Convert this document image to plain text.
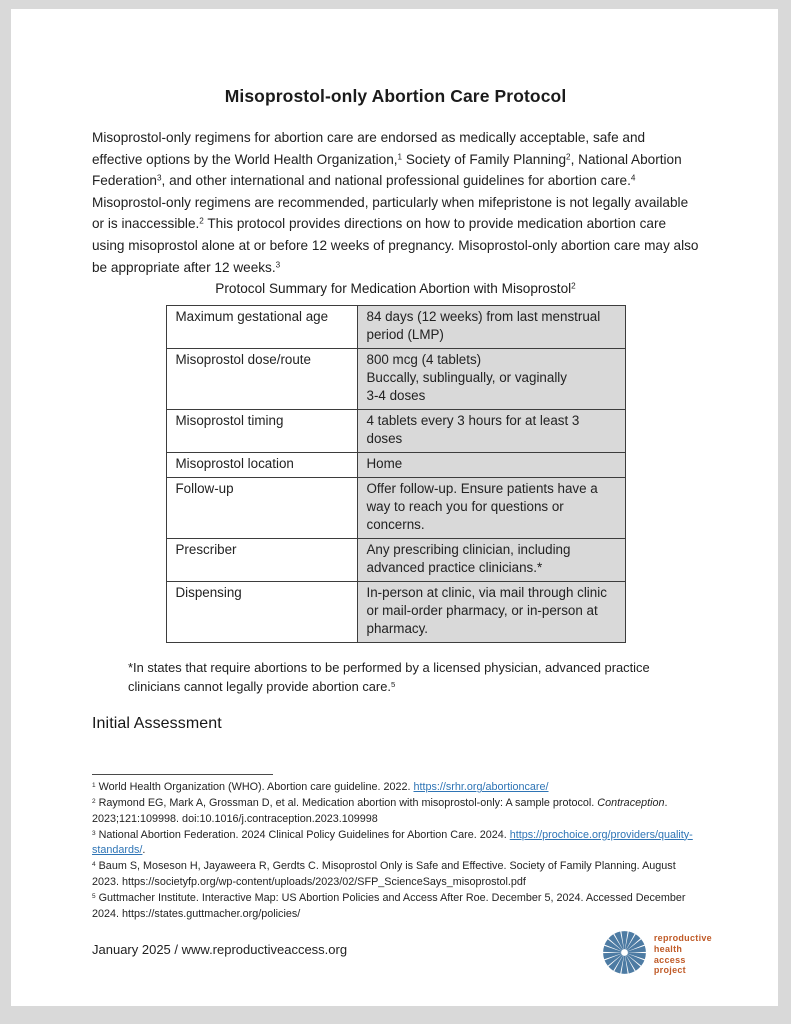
Misoprostol-only Abortion Care Protocol

Misoprostol-only regimens for abortion care are endorsed as medically acceptable, safe and effective options by the World Health Organization,$^1$ Society of Family Planning$^2$, National Abortion Federation$^3$, and other international and national professional guidelines for abortion care.$^4$ Misoprostol-only regimens are recommended, particularly when mifepristone is not legally available or is inaccessible.$^2$ This protocol provides directions on how to provide medication abortion care using misoprostol alone at or before 12 weeks of pregnancy. Misoprostol-only abortion care may also be appropriate after 12 weeks.$^3$

Protocol Summary for Medication Abortion with Misoprostol$^2$
Maximum gestational age	84 days (12 weeks) from last menstrual period (LMP)
Misoprostol dose/route	800 mcg (4 tablets)
Buccally, sublingually, or vaginally
3-4 doses
Misoprostol timing	4 tablets every 3 hours for at least 3 doses
Misoprostol location	Home
Follow-up	Offer follow-up. Ensure patients have a way to reach you for questions or concerns.
Prescriber	Any prescribing clinician, including advanced practice clinicians.*
Dispensing	In-person at clinic, via mail through clinic or mail-order pharmacy, or in-person at pharmacy.
*In states that require abortions to be performed by a licensed physician, advanced practice clinicians cannot legally provide abortion care.$^5$
Initial Assessment
$^1$ World Health Organization (WHO). Abortion care guideline. 2022. https://srhr.org/abortioncare/
$^2$ Raymond EG, Mark A, Grossman D, et al. Medication abortion with misoprostol-only: A sample protocol. Contraception. 2023;121:109998. doi:10.1016/j.contraception.2023.109998
$^3$ National Abortion Federation. 2024 Clinical Policy Guidelines for Abortion Care. 2024. https://prochoice.org/providers/quality-standards/.
$^4$ Baum S, Moseson H, Jayaweera R, Gerdts C. Misoprostol Only is Safe and Effective. Society of Family Planning. August 2023. https://societyfp.org/wp-content/uploads/2023/02/SFP_ScienceSays_misoprostol.pdf
$^5$ Guttmacher Institute. Interactive Map: US Abortion Policies and Access After Roe. December 5, 2024. Accessed December 2024. https://states.guttmacher.org/policies/
January 2025 / www.reproductiveaccess.org
reproductive
health
access
project
